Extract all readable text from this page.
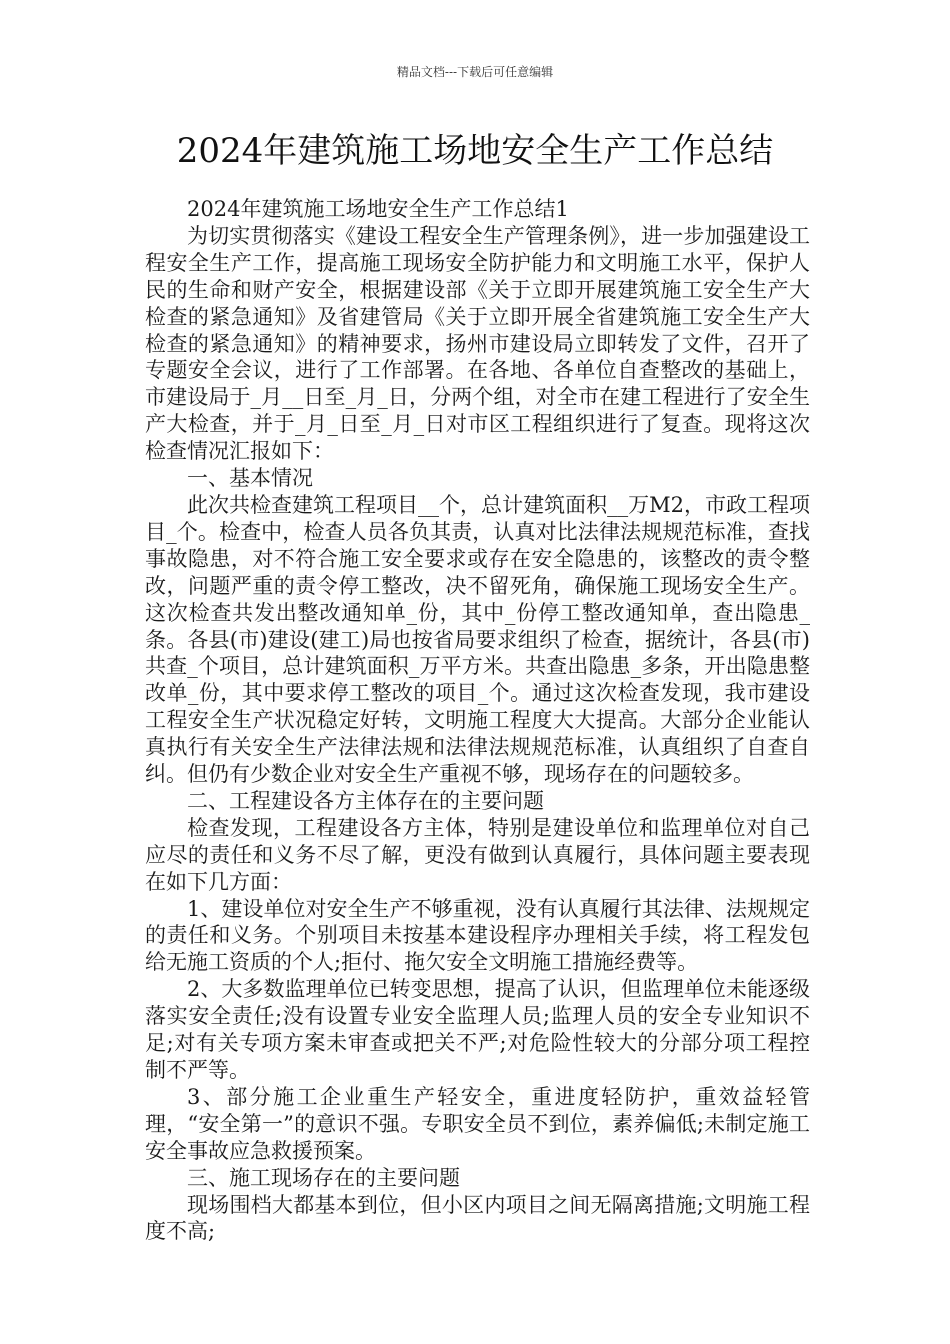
精品文档---下载后可任意编辑
2024年建筑施工场地安全生产工作总结

2024年建筑施工场地安全生产工作总结1

为切实贯彻落实《建设工程安全生产管理条例》，进一步加强建设工程安全生产工作，提高施工现场安全防护能力和文明施工水平，保护人民的生命和财产安全，根据建设部《关于立即开展建筑施工安全生产大检查的紧急通知》及省建管局《关于立即开展全省建筑施工安全生产大检查的紧急通知》的精神要求，扬州市建设局立即转发了文件，召开了专题安全会议，进行了工作部署。在各地、各单位自查整改的基础上，市建设局于_月__日至_月_日，分两个组，对全市在建工程进行了安全生产大检查，并于_月_日至_月_日对市区工程组织进行了复查。现将这次检查情况汇报如下：

一、基本情况

此次共检查建筑工程项目__个，总计建筑面积__万M2，市政工程项目_个。检查中，检查人员各负其责，认真对比法律法规规范标准，查找事故隐患，对不符合施工安全要求或存在安全隐患的，该整改的责令整改，问题严重的责令停工整改，决不留死角，确保施工现场安全生产。这次检查共发出整改通知单_份，其中_份停工整改通知单，查出隐患_条。各县(市)建设(建工)局也按省局要求组织了检查，据统计，各县(市)共查_个项目，总计建筑面积_万平方米。共查出隐患_多条，开出隐患整改单_份，其中要求停工整改的项目_个。通过这次检查发现，我市建设工程安全生产状况稳定好转，文明施工程度大大提高。大部分企业能认真执行有关安全生产法律法规和法律法规规范标准，认真组织了自查自纠。但仍有少数企业对安全生产重视不够，现场存在的问题较多。

二、工程建设各方主体存在的主要问题

检查发现，工程建设各方主体，特别是建设单位和监理单位对自己应尽的责任和义务不尽了解，更没有做到认真履行，具体问题主要表现在如下几方面：

1、建设单位对安全生产不够重视，没有认真履行其法律、法规规定的责任和义务。个别项目未按基本建设程序办理相关手续，将工程发包给无施工资质的个人;拒付、拖欠安全文明施工措施经费等。

2、大多数监理单位已转变思想，提高了认识，但监理单位未能逐级落实安全责任;没有设置专业安全监理人员;监理人员的安全专业知识不足;对有关专项方案未审查或把关不严;对危险性较大的分部分项工程控制不严等。

3、部分施工企业重生产轻安全，重进度轻防护，重效益轻管理，“安全第一”的意识不强。专职安全员不到位，素养偏低;未制定施工安全事故应急救援预案。

三、施工现场存在的主要问题

现场围档大都基本到位，但小区内项目之间无隔离措施;文明施工程度不高;
